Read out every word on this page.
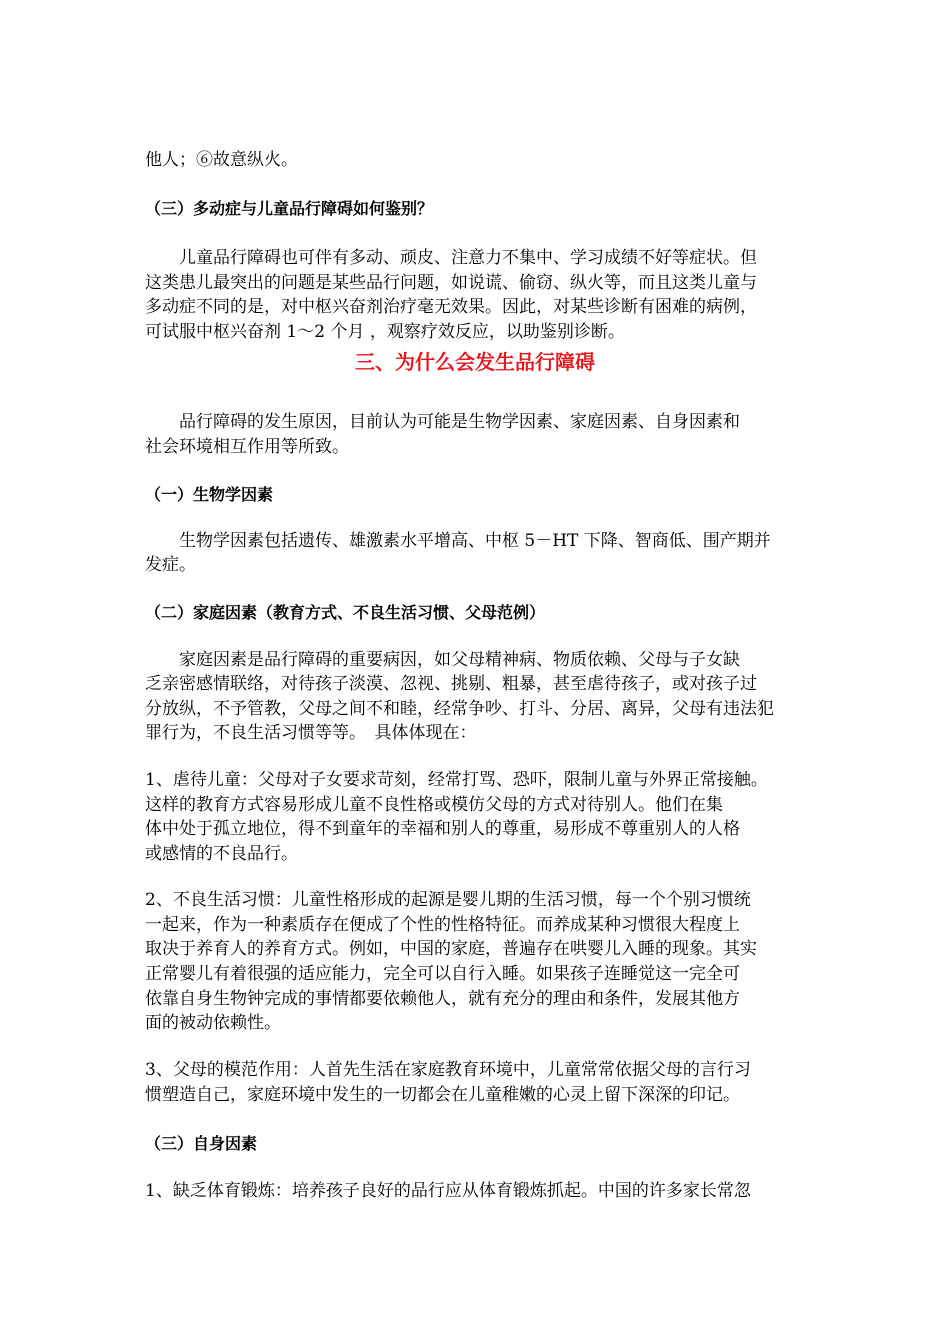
他人；⑥故意纵火。
（三）多动症与儿童品行障碍如何鉴别？
儿童品行障碍也可伴有多动、顽皮、注意力不集中、学习成绩不好等症状。但
这类患儿最突出的问题是某些品行问题，如说谎、偷窃、纵火等，而且这类儿童与
多动症不同的是，对中枢兴奋剂治疗毫无效果。因此，对某些诊断有困难的病例，
可试服中枢兴奋剂 1～2 个月 ，观察疗效反应，以助鉴别诊断。
三、为什么会发生品行障碍
品行障碍的发生原因，目前认为可能是生物学因素、家庭因素、自身因素和
社会环境相互作用等所致。
（一）生物学因素
生物学因素包括遗传、雄激素水平增高、中枢 5－HT 下降、智商低、围产期并
发症。
（二）家庭因素（教育方式、不良生活习惯、父母范例）
家庭因素是品行障碍的重要病因，如父母精神病、物质依赖、父母与子女缺
乏亲密感情联络，对待孩子淡漠、忽视、挑剔、粗暴，甚至虐待孩子，或对孩子过
分放纵，不予管教，父母之间不和睦，经常争吵、打斗、分居、离异，父母有违法犯
罪行为，不良生活习惯等等。　具体体现在：
1、虐待儿童：父母对子女要求苛刻，经常打骂、恐吓，限制儿童与外界正常接触。
这样的教育方式容易形成儿童不良性格或模仿父母的方式对待别人。他们在集
体中处于孤立地位，得不到童年的幸福和别人的尊重，易形成不尊重别人的人格
或感情的不良品行。
2、不良生活习惯：儿童性格形成的起源是婴儿期的生活习惯，每一个个别习惯统
一起来，作为一种素质存在便成了个性的性格特征。而养成某种习惯很大程度上
取决于养育人的养育方式。例如，中国的家庭，普遍存在哄婴儿入睡的现象。其实
正常婴儿有着很强的适应能力，完全可以自行入睡。如果孩子连睡觉这一完全可
依靠自身生物钟完成的事情都要依赖他人，就有充分的理由和条件，发展其他方
面的被动依赖性。
3、父母的模范作用：人首先生活在家庭教育环境中，儿童常常依据父母的言行习
惯塑造自己，家庭环境中发生的一切都会在儿童稚嫩的心灵上留下深深的印记。
（三）自身因素
1、缺乏体育锻炼：培养孩子良好的品行应从体育锻炼抓起。中国的许多家长常忽
